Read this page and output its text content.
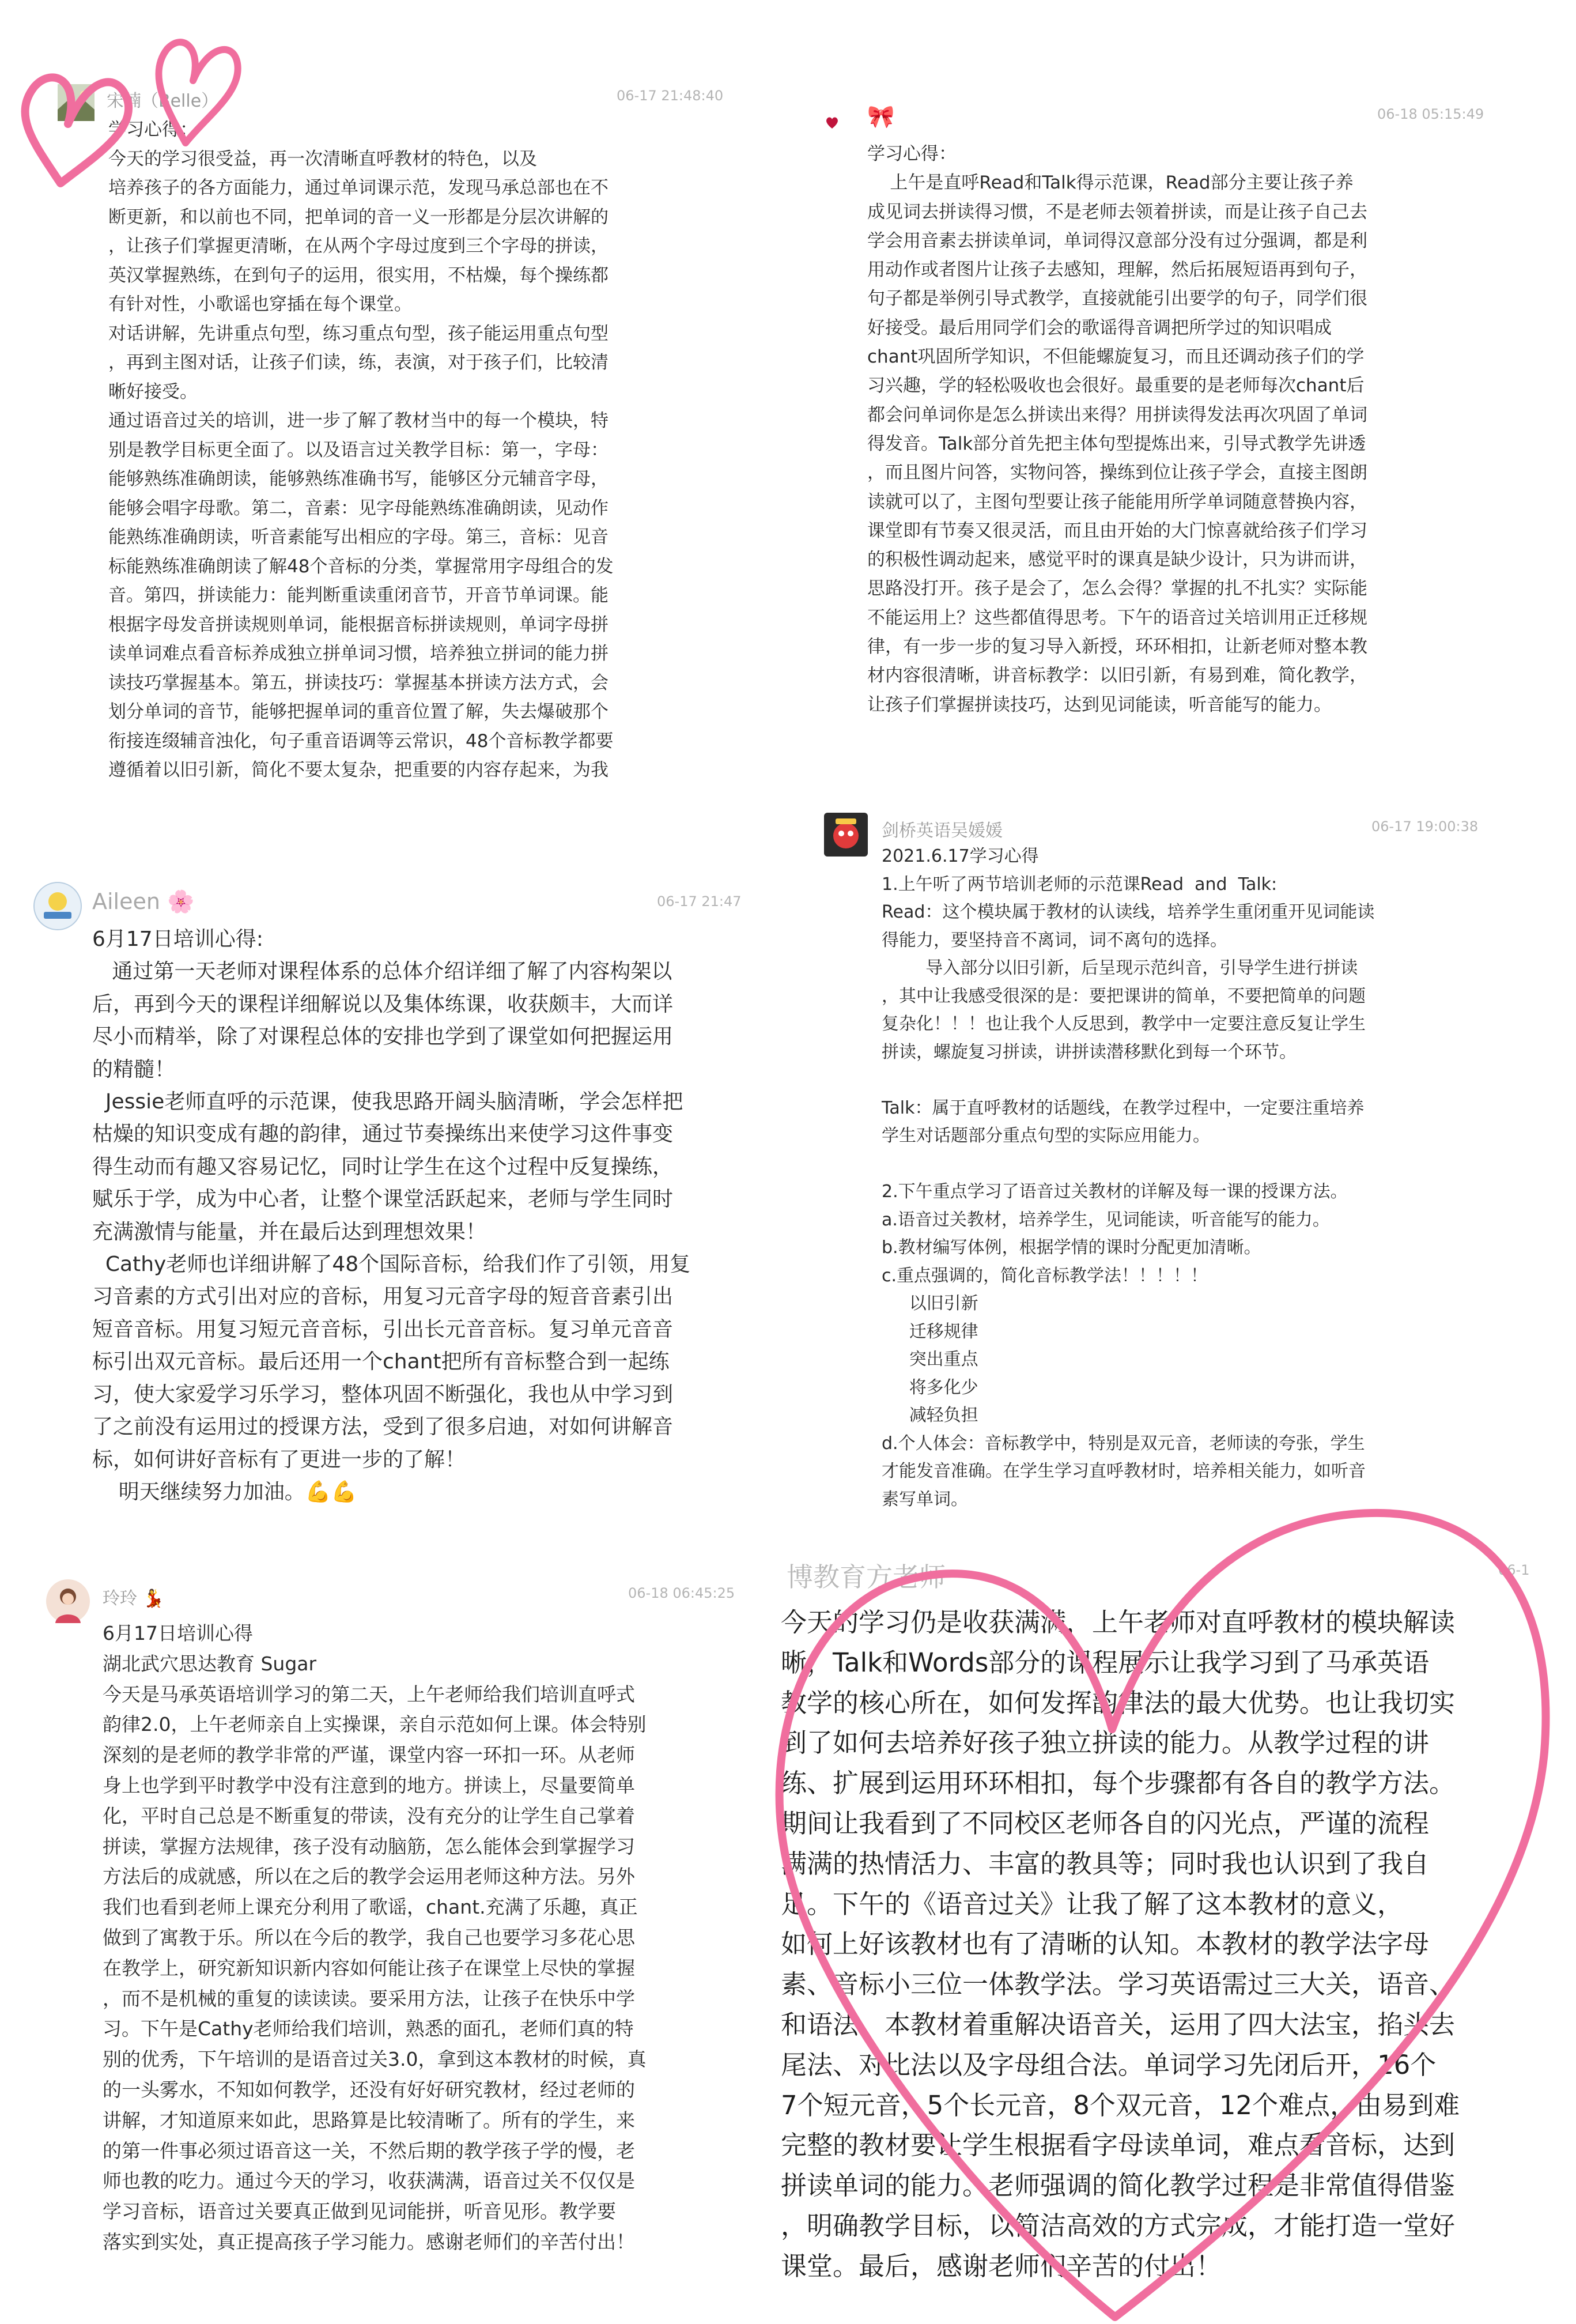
宋楠（Belle）	06-17 21:48:40
学习心得：
今天的学习很受益，再一次清晰直呼教材的特色，以及
培养孩子的各方面能力，通过单词课示范，发现马承总部也在不
断更新，和以前也不同，把单词的音一义一形都是分层次讲解的
，让孩子们掌握更清晰，在从两个字母过度到三个字母的拼读，
英汉掌握熟练，在到句子的运用，很实用，不枯燥，每个操练都
有针对性，小歌谣也穿插在每个课堂。
对话讲解，先讲重点句型，练习重点句型，孩子能运用重点句型
，再到主图对话，让孩子们读，练，表演，对于孩子们，比较清
晰好接受。
通过语音过关的培训，进一步了解了教材当中的每一个模块，特
别是教学目标更全面了。以及语言过关教学目标：第一，字母：
能够熟练准确朗读，能够熟练准确书写，能够区分元辅音字母，
能够会唱字母歌。第二，音素：见字母能熟练准确朗读，见动作
能熟练准确朗读，听音素能写出相应的字母。第三，音标：见音
标能熟练准确朗读了解48个音标的分类，掌握常用字母组合的发
音。第四，拼读能力：能判断重读重闭音节，开音节单词课。能
根据字母发音拼读规则单词，能根据音标拼读规则，单词字母拼
读单词难点看音标养成独立拼单词习惯，培养独立拼词的能力拼
读技巧掌握基本。第五，拼读技巧：掌握基本拼读方法方式，会
划分单词的音节，能够把握单词的重音位置了解，失去爆破那个
衔接连缀辅音浊化，句子重音语调等云常识，48个音标教学都要
遵循着以旧引新，简化不要太复杂，把重要的内容存起来，为我
🎀	06-18 05:15:49
学习心得：
上午是直呼Read和Talk得示范课，Read部分主要让孩子养
成见词去拼读得习惯，不是老师去领着拼读，而是让孩子自己去
学会用音素去拼读单词，单词得汉意部分没有过分强调，都是利
用动作或者图片让孩子去感知，理解，然后拓展短语再到句子，
句子都是举例引导式教学，直接就能引出要学的句子，同学们很
好接受。最后用同学们会的歌谣得音调把所学过的知识唱成
chant巩固所学知识，不但能螺旋复习，而且还调动孩子们的学
习兴趣，学的轻松吸收也会很好。最重要的是老师每次chant后
都会问单词你是怎么拼读出来得？用拼读得发法再次巩固了单词
得发音。Talk部分首先把主体句型提炼出来，引导式教学先讲透
，而且图片问答，实物问答，操练到位让孩子学会，直接主图朗
读就可以了，主图句型要让孩子能能用所学单词随意替换内容，
课堂即有节奏又很灵活，而且由开始的大门惊喜就给孩子们学习
的积极性调动起来，感觉平时的课真是缺少设计，只为讲而讲，
思路没打开。孩子是会了，怎么会得？掌握的扎不扎实？实际能
不能运用上？这些都值得思考。下午的语音过关培训用正迁移规
律，有一步一步的复习导入新授，环环相扣，让新老师对整本教
材内容很清晰，讲音标教学：以旧引新，有易到难，简化教学，
让孩子们掌握拼读技巧，达到见词能读，听音能写的能力。
Aileen 🌸	06-17 21:47
6月17日培训心得:
通过第一天老师对课程体系的总体介绍详细了解了内容构架以
后，再到今天的课程详细解说以及集体练课，收获颇丰，大而详
尽小而精举，除了对课程总体的安排也学到了课堂如何把握运用
的精髓！
Jessie老师直呼的示范课，使我思路开阔头脑清晰，学会怎样把
枯燥的知识变成有趣的韵律，通过节奏操练出来使学习这件事变
得生动而有趣又容易记忆，同时让学生在这个过程中反复操练，
赋乐于学，成为中心者，让整个课堂活跃起来，老师与学生同时
充满激情与能量，并在最后达到理想效果！
Cathy老师也详细讲解了48个国际音标，给我们作了引领，用复
习音素的方式引出对应的音标，用复习元音字母的短音音素引出
短音音标。用复习短元音音标，引出长元音音标。复习单元音音
标引出双元音标。最后还用一个chant把所有音标整合到一起练
习，使大家爱学习乐学习，整体巩固不断强化，我也从中学习到
了之前没有运用过的授课方法，受到了很多启迪，对如何讲解音
标，如何讲好音标有了更进一步的了解！
明天继续努力加油。💪💪
剑桥英语吴媛媛	06-17 19:00:38
2021.6.17学习心得
1.上午听了两节培训老师的示范课Read  and  Talk:
Read：这个模块属于教材的认读线，培养学生重闭重开见词能读
得能力，要坚持音不离词，词不离句的选择。
导入部分以旧引新，后呈现示范纠音，引导学生进行拼读
，其中让我感受很深的是：要把课讲的简单，不要把简单的问题
复杂化！！！也让我个人反思到，教学中一定要注意反复让学生
拼读，螺旋复习拼读，讲拼读潜移默化到每一个环节。

Talk：属于直呼教材的话题线，在教学过程中，一定要注重培养
学生对话题部分重点句型的实际应用能力。

2.下午重点学习了语音过关教材的详解及每一课的授课方法。
a.语音过关教材，培养学生，见词能读，听音能写的能力。
b.教材编写体例，根据学情的课时分配更加清晰。
c.重点强调的，简化音标教学法！！！！！
以旧引新
迁移规律
突出重点
将多化少
减轻负担
d.个人体会：音标教学中，特别是双元音，老师读的夸张，学生
才能发音准确。在学生学习直呼教材时，培养相关能力，如听音
素写单词。
玲玲 💃	06-18 06:45:25
6月17日培训心得
湖北武穴思达教育 Sugar
今天是马承英语培训学习的第二天，上午老师给我们培训直呼式
韵律2.0，上午老师亲自上实操课，亲自示范如何上课。体会特别
深刻的是老师的教学非常的严谨，课堂内容一环扣一环。从老师
身上也学到平时教学中没有注意到的地方。拼读上，尽量要简单
化，平时自己总是不断重复的带读，没有充分的让学生自己掌着
拼读，掌握方法规律，孩子没有动脑筋，怎么能体会到掌握学习
方法后的成就感，所以在之后的教学会运用老师这种方法。另外
我们也看到老师上课充分利用了歌谣，chant.充满了乐趣，真正
做到了寓教于乐。所以在今后的教学，我自己也要学习多花心思
在教学上，研究新知识新内容如何能让孩子在课堂上尽快的掌握
，而不是机械的重复的读读读。要采用方法，让孩子在快乐中学
习。下午是Cathy老师给我们培训，熟悉的面孔，老师们真的特
别的优秀，下午培训的是语音过关3.0，拿到这本教材的时候，真
的一头雾水，不知如何教学，还没有好好研究教材，经过老师的
讲解，才知道原来如此，思路算是比较清晰了。所有的学生，来
的第一件事必须过语音这一关，不然后期的教学孩子学的慢，老
师也教的吃力。通过今天的学习，收获满满，语音过关不仅仅是
学习音标，语音过关要真正做到见词能拼，听音见形。教学要
落实到实处，真正提高孩子学习能力。感谢老师们的辛苦付出！
博教育方老师	06-1
今天的学习仍是收获满满，上午老师对直呼教材的模块解读
晰，Talk和Words部分的课程展示让我学习到了马承英语
教学的核心所在，如何发挥韵律法的最大优势。也让我切实
到了如何去培养好孩子独立拼读的能力。从教学过程的讲
练、扩展到运用环环相扣，每个步骤都有各自的教学方法。
期间让我看到了不同校区老师各自的闪光点，严谨的流程
满满的热情活力、丰富的教具等；同时我也认识到了我自
足。下午的《语音过关》让我了解了这本教材的意义，
如何上好该教材也有了清晰的认知。本教材的教学法字母
素、音标小三位一体教学法。学习英语需过三大关，语音、
和语法。本教材着重解决语音关，运用了四大法宝，掐头去
尾法、对比法以及字母组合法。单词学习先闭后开，16个
7个短元音，5个长元音，8个双元音，12个难点，由易到难
完整的教材要让学生根据看字母读单词，难点看音标，达到
拼读单词的能力。老师强调的简化教学过程是非常值得借鉴
，明确教学目标，以简洁高效的方式完成，才能打造一堂好
课堂。最后，感谢老师们辛苦的付出！
